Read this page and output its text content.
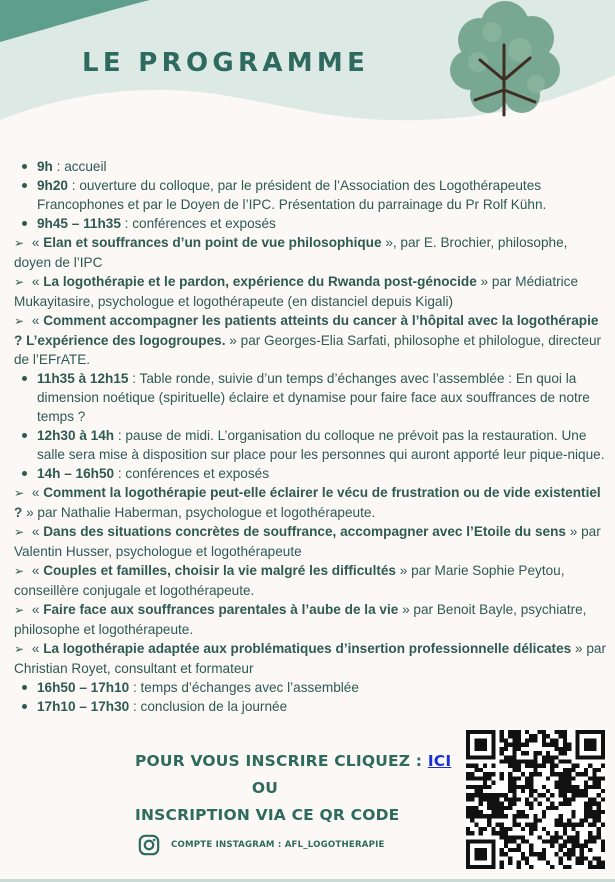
LE PROGRAMME
9h : accueil
9h20 : ouverture du colloque, par le président de l’Association des Logothérapeutes Francophones et par le Doyen de l’IPC. Présentation du parrainage du Pr Rolf Kühn.
9h45 – 11h35 : conférences et exposés
➢ « Elan et souffrances d’un point de vue philosophique », par E. Brochier, philosophe, doyen de l’IPC
➢ « La logothérapie et le pardon, expérience du Rwanda post-génocide » par Médiatrice Mukayitasire, psychologue et logothérapeute (en distanciel depuis Kigali)
➢ « Comment accompagner les patients atteints du cancer à l’hôpital avec la logothérapie ? L’expérience des logogroupes. » par Georges-Elia Sarfati, philosophe et philologue, directeur de l’EFrATE.
11h35 à 12h15 : Table ronde, suivie d’un temps d’échanges avec l’assemblée : En quoi la dimension noétique (spirituelle) éclaire et dynamise pour faire face aux souffrances de notre temps ?
12h30 à 14h : pause de midi. L’organisation du colloque ne prévoit pas la restauration. Une salle sera mise à disposition sur place pour les personnes qui auront apporté leur pique-nique.
14h – 16h50 : conférences et exposés
➢ « Comment la logothérapie peut-elle éclairer le vécu de frustration ou de vide existentiel ? » par Nathalie Haberman, psychologue et logothérapeute.
➢ « Dans des situations concrètes de souffrance, accompagner avec l’Etoile du sens » par Valentin Husser, psychologue et logothérapeute
➢ « Couples et familles, choisir la vie malgré les difficultés » par Marie Sophie Peytou, conseillère conjugale et logothérapeute.
➢ « Faire face aux souffrances parentales à l’aube de la vie » par Benoit Bayle, psychiatre, philosophe et logothérapeute.
➢ « La logothérapie adaptée aux problématiques d’insertion professionnelle délicates » par Christian Royet, consultant et formateur
16h50 – 17h10 : temps d’échanges avec l’assemblée
17h10 – 17h30 : conclusion de la journée
POUR VOUS INSCRIRE CLIQUEZ : ICI
OU
INSCRIPTION VIA CE QR CODE
COMPTE INSTAGRAM : AFL_LOGOTHERAPIE
